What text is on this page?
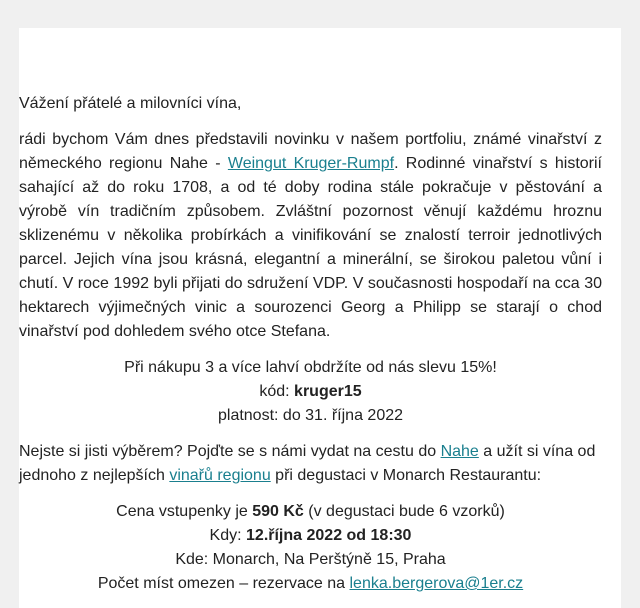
Vážení přátelé a milovníci vína,

rádi bychom Vám dnes představili novinku v našem portfoliu, známé vinařství z německého regionu Nahe - Weingut Kruger-Rumpf. Rodinné vinařství s historií sahající až do roku 1708, a od té doby rodina stále pokračuje v pěstování a výrobě vín tradičním způsobem. Zvláštní pozornost věnují každému hroznu sklizenému v několika probírkách a vinifikování se znalostí terroir jednotlivých parcel. Jejich vína jsou krásná, elegantní a minerální, se širokou paletou vůní i chutí. V roce 1992 byli přijati do sdružení VDP. V současnosti hospodaří na cca 30 hektarech výjimečných vinic a sourozenci Georg a Philipp se starají o chod vinařství pod dohledem svého otce Stefana.

Při nákupu 3 a více lahví obdržíte od nás slevu 15%!

kód: kruger15

platnost: do 31. října 2022

Nejste si jisti výběrem? Pojďte se s námi vydat na cestu do Nahe a užít si vína od jednoho z nejlepších vinařů regionu při degustaci v Monarch Restaurantu:

Cena vstupenky je 590 Kč (v degustaci bude 6 vzorků)

Kdy: 12.října 2022 od 18:30

Kde: Monarch, Na Perštýně 15, Praha

Počet míst omezen – rezervace na lenka.bergerova@1er.cz
